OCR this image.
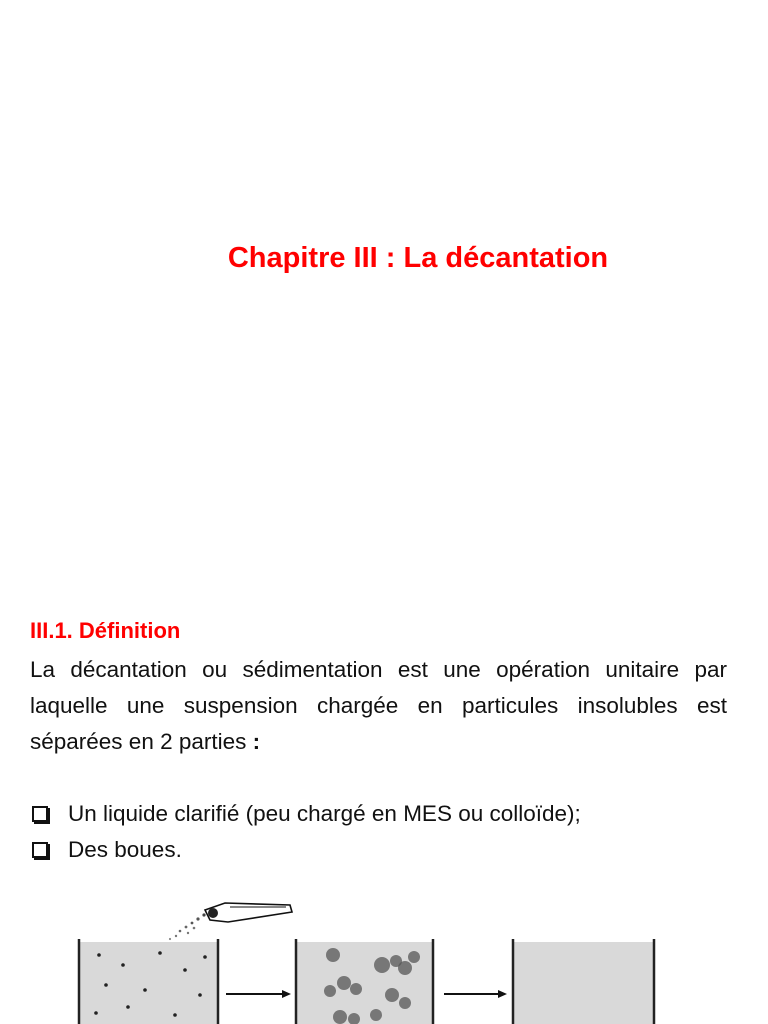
Chapitre III : La décantation
III.1. Définition
La décantation ou sédimentation est une opération unitaire par laquelle une suspension chargée en particules insolubles est séparées en 2 parties :
Un liquide clarifié (peu chargé en MES ou colloïde);
Des boues.
